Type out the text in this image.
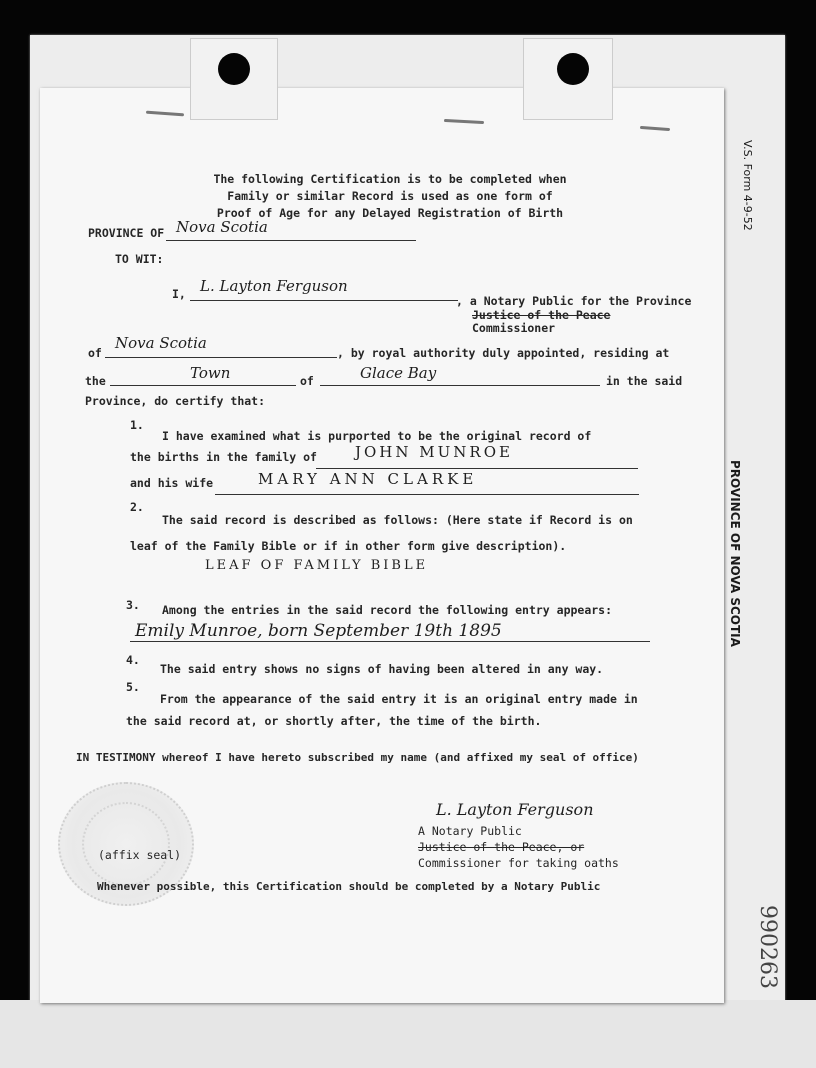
V.S. Form 4-9-52
PROVINCE OF NOVA SCOTIA
990263
The following Certification is to be completed when
Family or similar Record is used as one form of
Proof of Age for any Delayed Registration of Birth
PROVINCE OF Nova Scotia
TO WIT:
I, L. Layton Ferguson
, a Notary Public for the Province
Justice of the Peace
Commissioner
of
Nova Scotia
, by royal authority duly appointed, residing at
the	Town	of	Glace Bay	in the said
Province, do certify that:
1.
I have examined what is purported to be the original record of
the births in the family of	JOHN MUNROE
and his wife	MARY ANN CLARKE
2.
The said record is described as follows: (Here state if Record is on
leaf of the Family Bible or if in other form give description).
LEAF OF FAMILY BIBLE
3. Among the entries in the said record the following entry appears:
Emily Munroe, born September 19th 1895
4.
The said entry shows no signs of having been altered in any way.
5.
From the appearance of the said entry it is an original entry made in
the said record at, or shortly after, the time of the birth.
IN TESTIMONY whereof I have hereto subscribed my name (and affixed my seal of office)
L. Layton Ferguson
A Notary Public
Justice of the Peace, or
Commissioner for taking oaths
(affix seal)
Whenever possible, this Certification should be completed by a Notary Public
